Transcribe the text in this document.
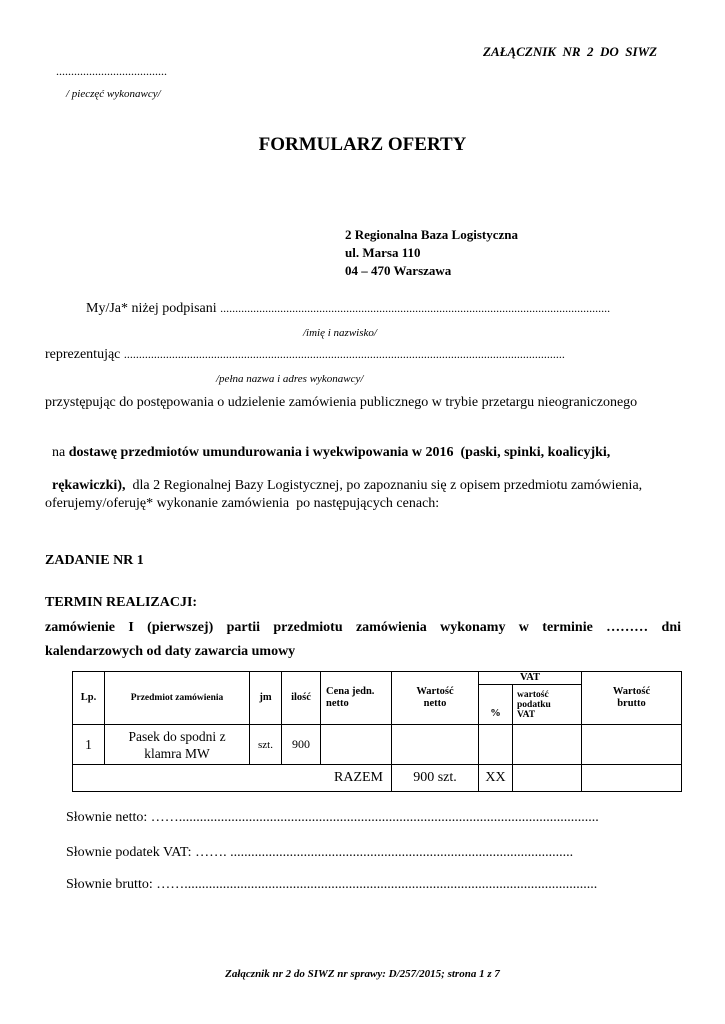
ZAŁĄCZNIK  NR  2  DO  SIWZ
.....................................
/ pieczęć wykonawcy/
FORMULARZ OFERTY
2 Regionalna Baza Logistyczna
ul. Marsa 110
04 – 470 Warszawa
My/Ja* niżej podpisani ..................................................................................................................................
/imię i nazwisko/
reprezentując ...................................................................................................................................................
/pełna nazwa i adres wykonawcy/
przystępując do postępowania o udzielenie zamówienia publicznego w trybie przetargu nieograniczonego

na dostawę przedmiotów umundurowania i wyekwipowania w 2016  (paski, spinki, koalicyjki,

rękawiczki),  dla 2 Regionalnej Bazy Logistycznej, po zapoznaniu się z opisem przedmiotu zamówienia,

oferujemy/oferuję* wykonanie zamówienia  po następujących cenach:
ZADANIE NR 1
TERMIN REALIZACJI:
zamówienie I (pierwszej) partii przedmiotu zamówienia wykonamy w terminie ……… dni
kalendarzowych od daty zawarcia umowy
Lp.	Przedmiot zamówienia	jm	ilość	Cena jedn. netto	Wartość netto	VAT		Wartość brutto
						%	wartość podatku VAT	
1	Pasek do spodni z klamra MW	szt.	900					
RAZEM					900 szt.	XX		
Słownie netto: ……........................................................................................................................
Słownie podatek VAT: ……. ..................................................................................................
Słownie brutto: ……......................................................................................................................
Załącznik nr 2 do SIWZ nr sprawy: D/257/2015; strona 1 z 7
